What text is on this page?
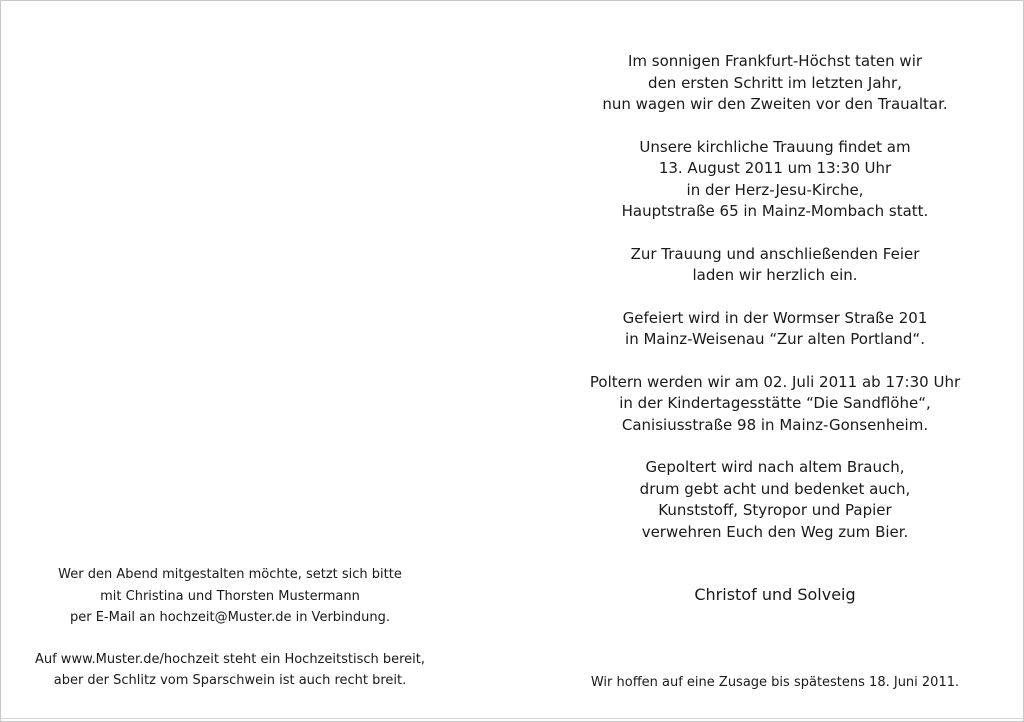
Wer den Abend mitgestalten möchte, setzt sich bitte
mit Christina und Thorsten Mustermann
per E-Mail an hochzeit@Muster.de in Verbindung.
Auf www.Muster.de/hochzeit steht ein Hochzeitstisch bereit,
aber der Schlitz vom Sparschwein ist auch recht breit.
Im sonnigen Frankfurt-Höchst taten wir
den ersten Schritt im letzten Jahr,
nun wagen wir den Zweiten vor den Traualtar.
Unsere kirchliche Trauung findet am
13. August 2011 um 13:30 Uhr
in der Herz-Jesu-Kirche,
Hauptstraße 65 in Mainz-Mombach statt.
Zur Trauung und anschließenden Feier
laden wir herzlich ein.
Gefeiert wird in der Wormser Straße 201
in Mainz-Weisenau “Zur alten Portland“.
Poltern werden wir am 02. Juli 2011 ab 17:30 Uhr
in der Kindertagesstätte “Die Sandflöhe“,
Canisiusstraße 98 in Mainz-Gonsenheim.
Gepoltert wird nach altem Brauch,
drum gebt acht und bedenket auch,
Kunststoff, Styropor und Papier
verwehren Euch den Weg zum Bier.
Christof und Solveig
Wir hoffen auf eine Zusage bis spätestens 18. Juni 2011.
